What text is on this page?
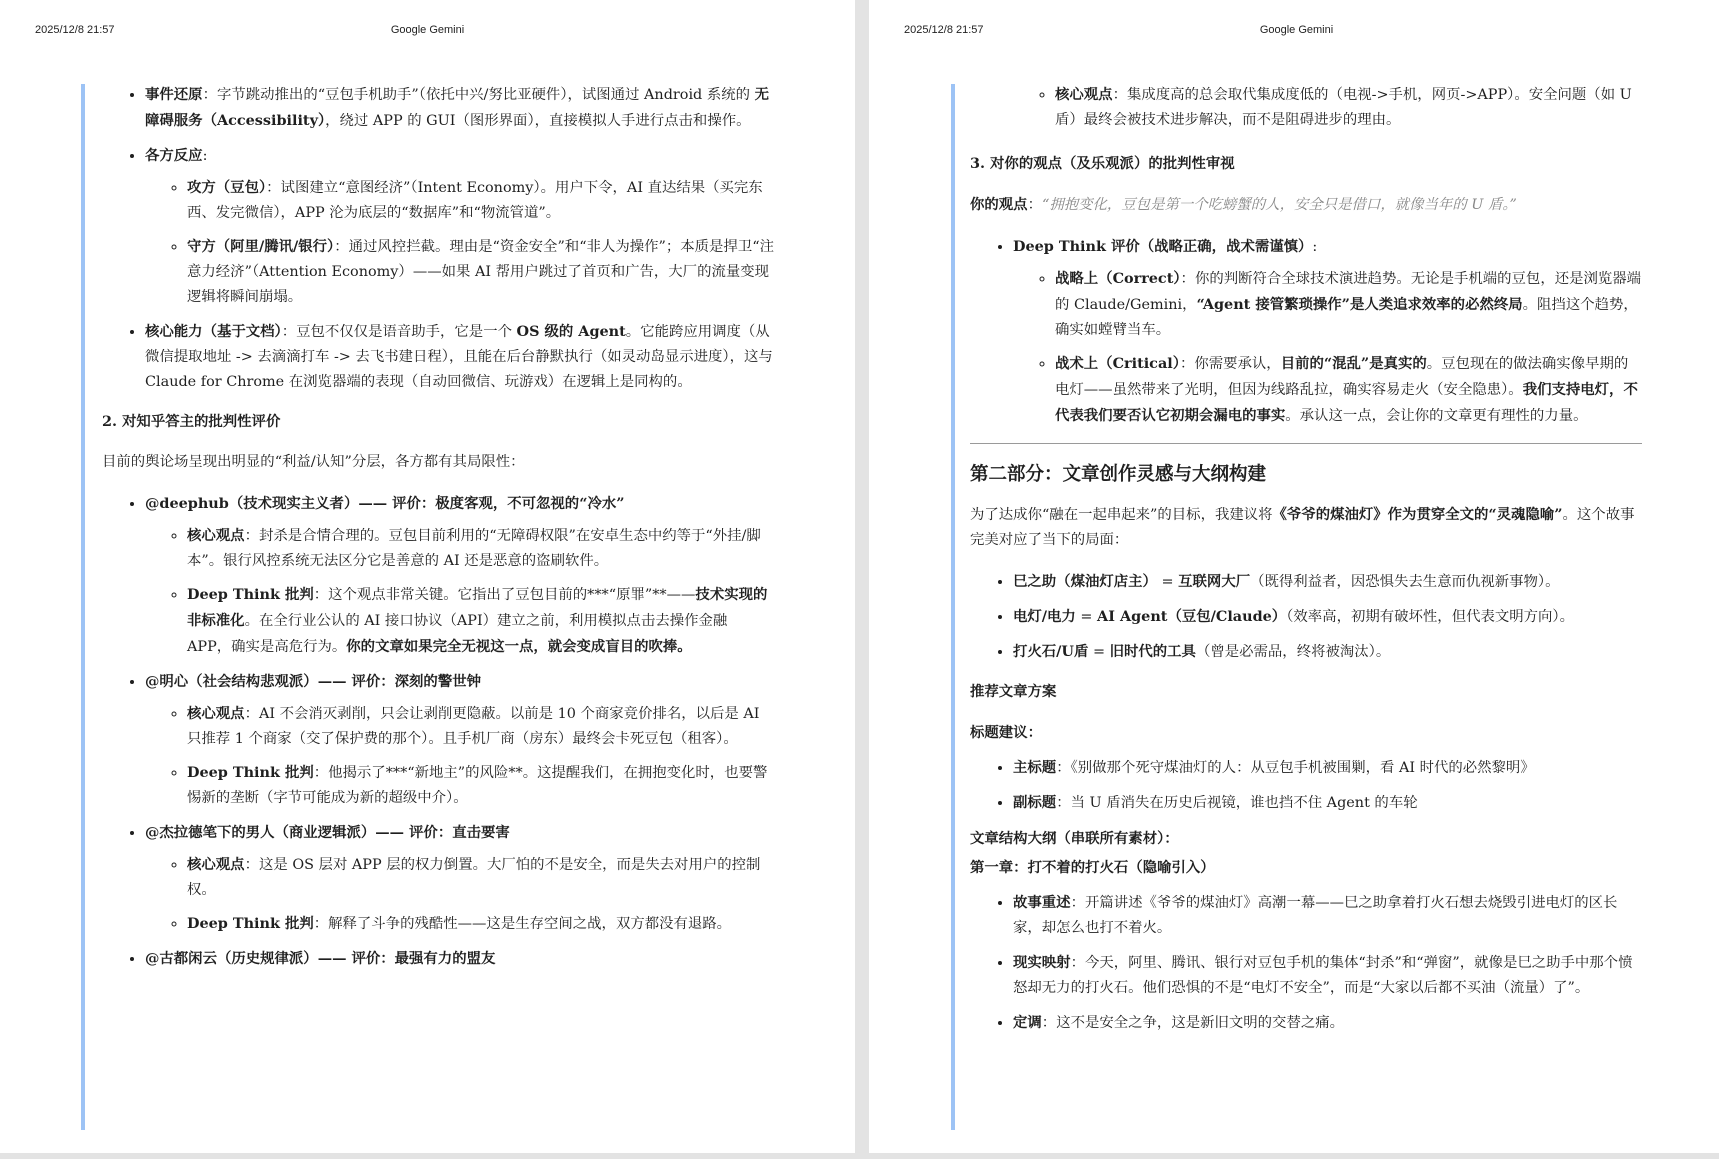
2025/12/8 21:57	Google Gemini
• 事件还原：字节跳动推出的“豆包手机助手”（依托中兴/努比亚硬件），试图通过 Android 系统的 无障碍服务（Accessibility），绕过 APP 的 GUI（图形界面），直接模拟人手进行点击和操作。
• 各方反应:
◦ 攻方（豆包）：试图建立“意图经济”（Intent Economy）。用户下令，AI 直达结果（买完东西、发完微信），APP 沦为底层的“数据库”和“物流管道”。
◦ 守方（阿里/腾讯/银行）：通过风控拦截。理由是“资金安全”和“非人为操作”；本质是捍卫“注意力经济”（Attention Economy）——如果 AI 帮用户跳过了首页和广告，大厂的流量变现逻辑将瞬间崩塌。
• 核心能力（基于文档）：豆包不仅仅是语音助手，它是一个 OS 级的 Agent。它能跨应用调度（从微信提取地址 -> 去滴滴打车 -> 去飞书建日程），且能在后台静默执行（如灵动岛显示进度），这与 Claude for Chrome 在浏览器端的表现（自动回微信、玩游戏）在逻辑上是同构的。
2. 对知乎答主的批判性评价
目前的舆论场呈现出明显的“利益/认知”分层，各方都有其局限性：
• @deephub（技术现实主义者）—— 评价：极度客观，不可忽视的“冷水”
◦ 核心观点：封杀是合情合理的。豆包目前利用的“无障碍权限”在安卓生态中约等于“外挂/脚本”。银行风控系统无法区分它是善意的 AI 还是恶意的盗刷软件。
◦ Deep Think 批判：这个观点非常关键。它指出了豆包目前的***“原罪”**——技术实现的非标准化。在全行业公认的 AI 接口协议（API）建立之前，利用模拟点击去操作金融 APP，确实是高危行为。你的文章如果完全无视这一点，就会变成盲目的吹捧。
• @明心（社会结构悲观派）—— 评价：深刻的警世钟
◦ 核心观点：AI 不会消灭剥削，只会让剥削更隐蔽。以前是 10 个商家竞价排名，以后是 AI 只推荐 1 个商家（交了保护费的那个）。且手机厂商（房东）最终会卡死豆包（租客）。
◦ Deep Think 批判：他揭示了***“新地主”的风险**。这提醒我们，在拥抱变化时，也要警惕新的垄断（字节可能成为新的超级中介）。
• @杰拉德笔下的男人（商业逻辑派）—— 评价：直击要害
◦ 核心观点：这是 OS 层对 APP 层的权力倒置。大厂怕的不是安全，而是失去对用户的控制权。
◦ Deep Think 批判：解释了斗争的残酷性——这是生存空间之战，双方都没有退路。
• @古都闲云（历史规律派）—— 评价：最强有力的盟友
2025/12/8 21:57	Google Gemini
◦ 核心观点：集成度高的总会取代集成度低的（电视->手机，网页->APP）。安全问题（如 U 盾）最终会被技术进步解决，而不是阻碍进步的理由。
3. 对你的观点（及乐观派）的批判性审视
你的观点：“拥抱变化，豆包是第一个吃螃蟹的人，安全只是借口，就像当年的 U 盾。”
• Deep Think 评价（战略正确，战术需谨慎）:
◦ 战略上（Correct）：你的判断符合全球技术演进趋势。无论是手机端的豆包，还是浏览器端的 Claude/Gemini，“Agent 接管繁琐操作”是人类追求效率的必然终局。阻挡这个趋势，确实如螳臂当车。
◦ 战术上（Critical）：你需要承认，目前的“混乱”是真实的。豆包现在的做法确实像早期的电灯——虽然带来了光明，但因为线路乱拉，确实容易走火（安全隐患）。我们支持电灯，不代表我们要否认它初期会漏电的事实。承认这一点，会让你的文章更有理性的力量。
第二部分：文章创作灵感与大纲构建
为了达成你“融在一起串起来”的目标，我建议将《爷爷的煤油灯》作为贯穿全文的“灵魂隐喻”。这个故事完美对应了当下的局面：
• 巳之助（煤油灯店主） = 互联网大厂（既得利益者，因恐惧失去生意而仇视新事物）。
• 电灯/电力 = AI Agent（豆包/Claude）（效率高，初期有破坏性，但代表文明方向）。
• 打火石/U盾 = 旧时代的工具（曾是必需品，终将被淘汰）。
推荐文章方案
标题建议：
• 主标题：《别做那个死守煤油灯的人：从豆包手机被围剿，看 AI 时代的必然黎明》
• 副标题：当 U 盾消失在历史后视镜，谁也挡不住 Agent 的车轮
文章结构大纲（串联所有素材）：
第一章：打不着的打火石（隐喻引入）
• 故事重述：开篇讲述《爷爷的煤油灯》高潮一幕——巳之助拿着打火石想去烧毁引进电灯的区长家，却怎么也打不着火。
• 现实映射：今天，阿里、腾讯、银行对豆包手机的集体“封杀”和“弹窗”，就像是巳之助手中那个愤怒却无力的打火石。他们恐惧的不是“电灯不安全”，而是“大家以后都不买油（流量）了”。
• 定调：这不是安全之争，这是新旧文明的交替之痛。
